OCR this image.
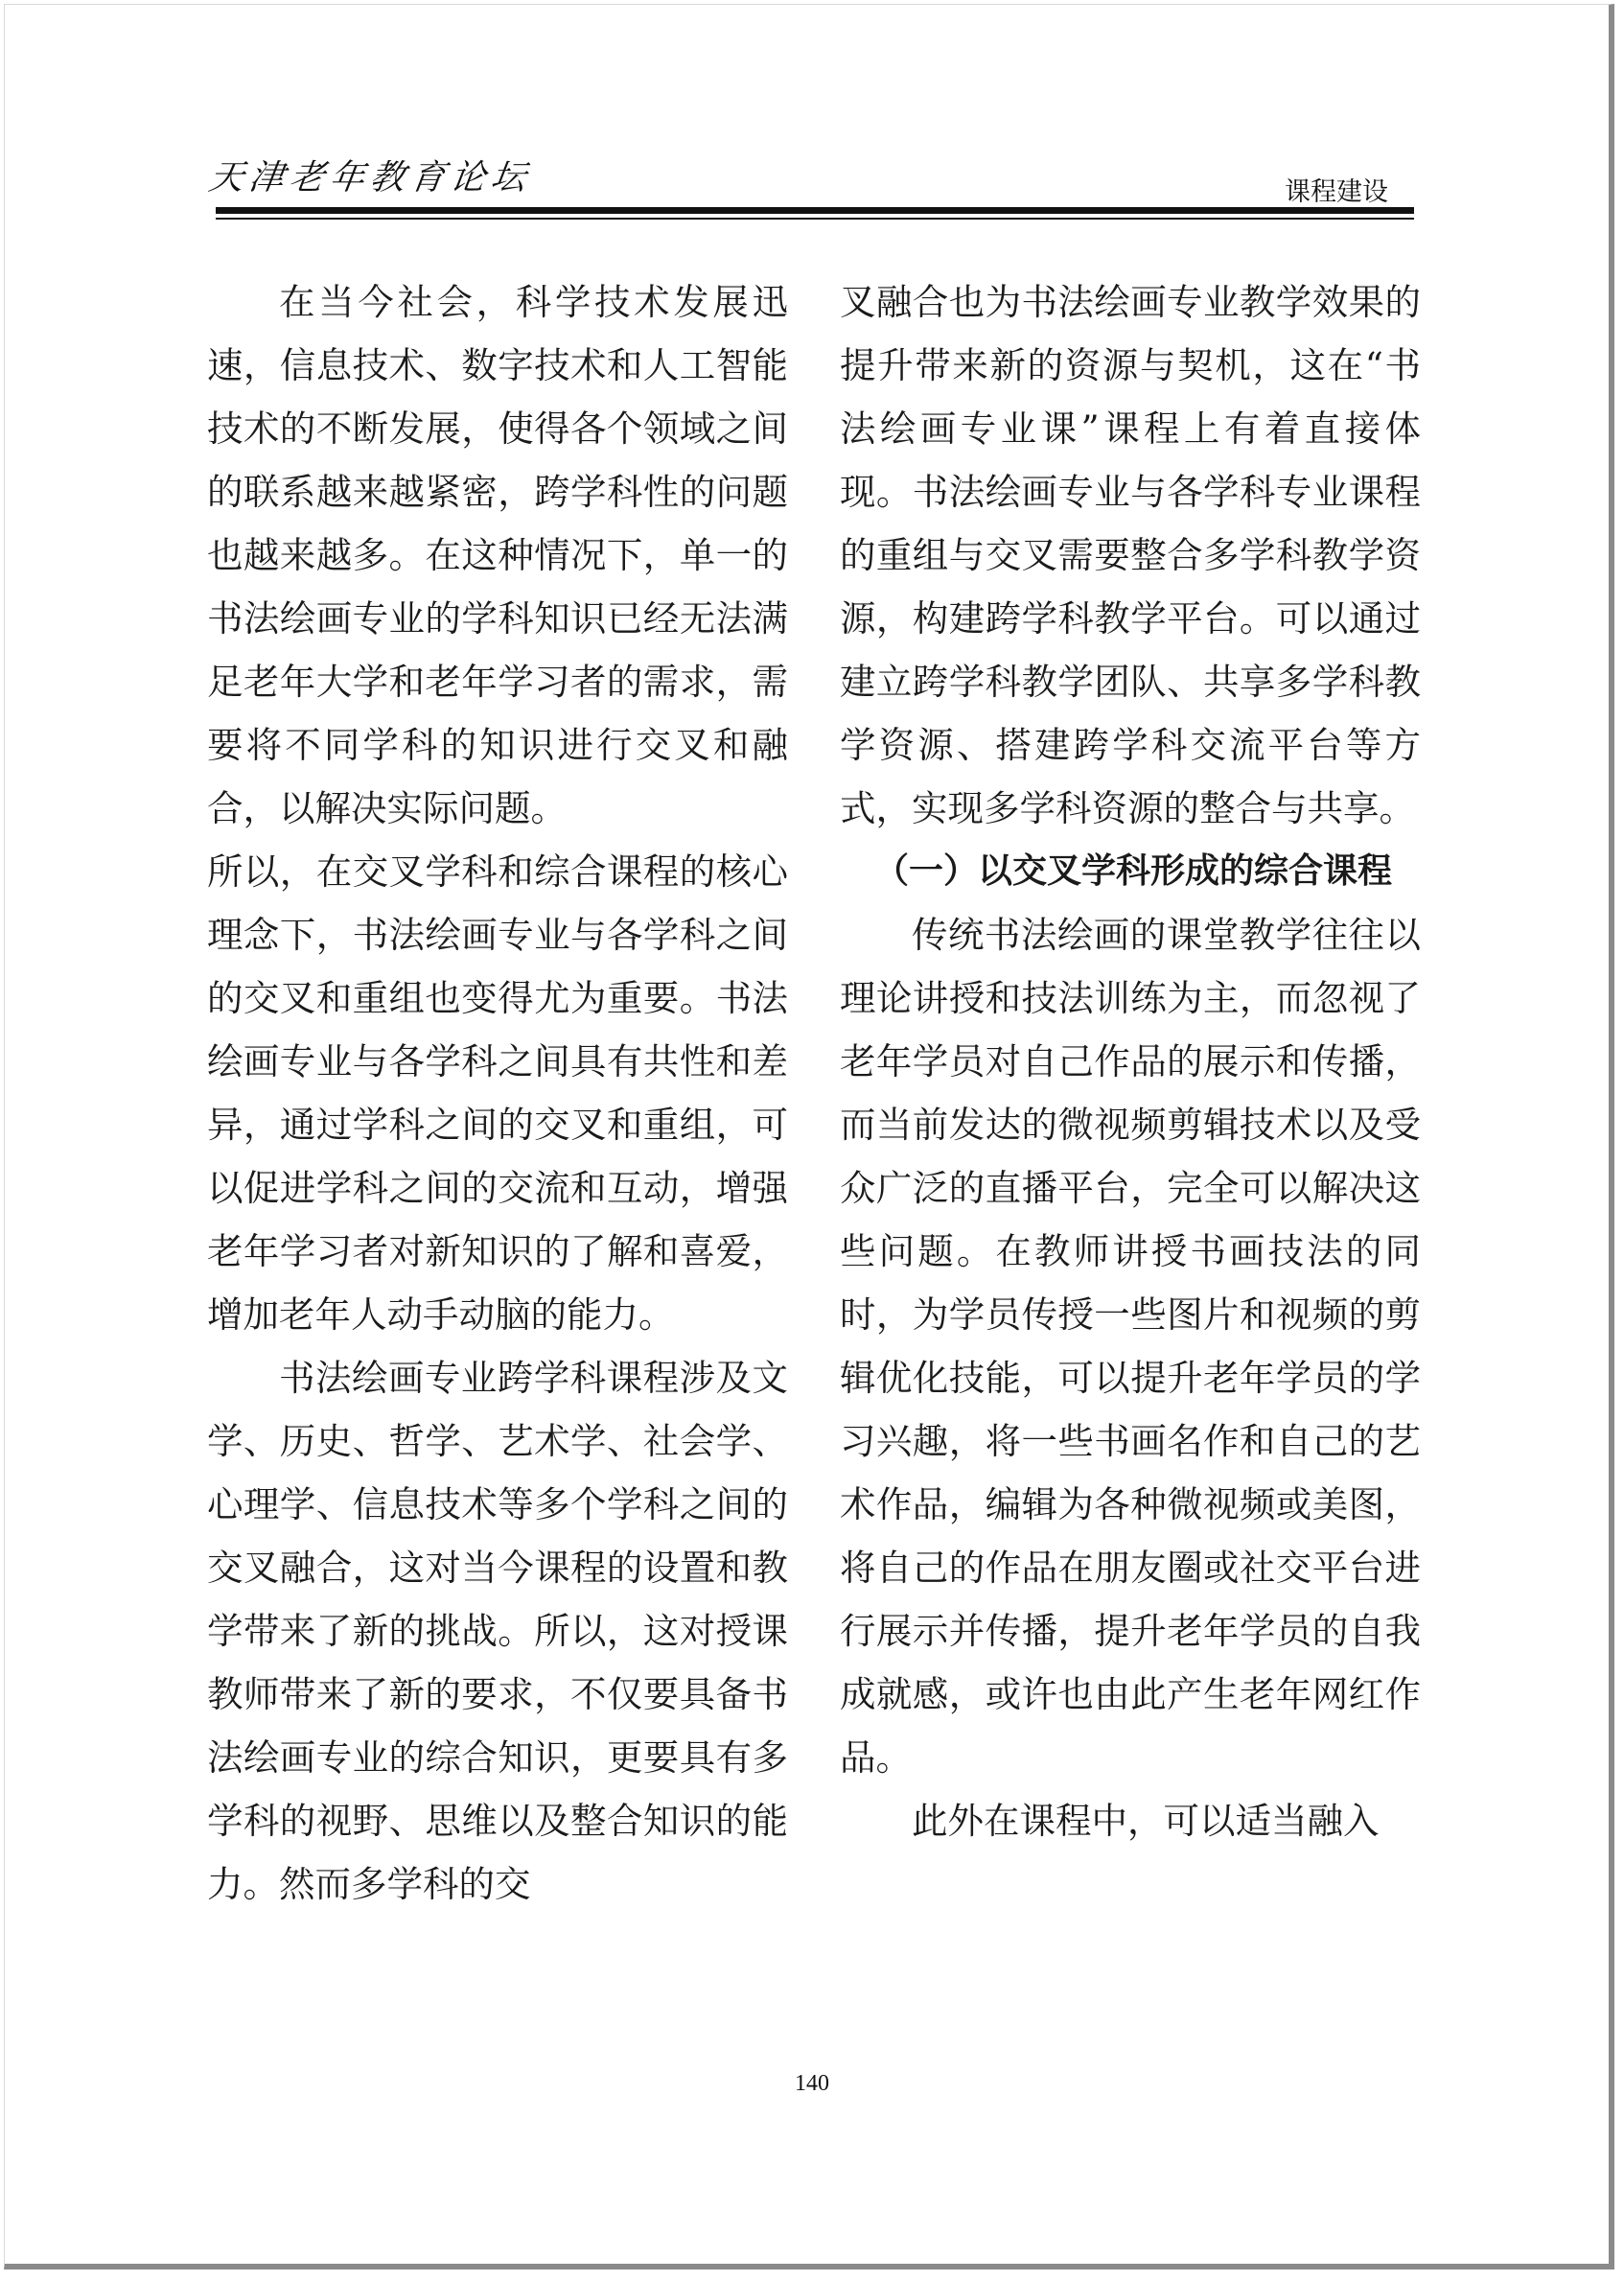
天津老年教育论坛	课程建设

在当今社会，科学技术发展迅速，信息技术、数字技术和人工智能技术的不断发展，使得各个领域之间的联系越来越紧密，跨学科性的问题也越来越多。在这种情况下，单一的书法绘画专业的学科知识已经无法满足老年大学和老年学习者的需求，需要将不同学科的知识进行交叉和融合，以解决实际问题。

所以，在交叉学科和综合课程的核心理念下，书法绘画专业与各学科之间的交叉和重组也变得尤为重要。书法绘画专业与各学科之间具有共性和差异，通过学科之间的交叉和重组，可以促进学科之间的交流和互动，增强老年学习者对新知识的了解和喜爱，增加老年人动手动脑的能力。

书法绘画专业跨学科课程涉及文学、历史、哲学、艺术学、社会学、心理学、信息技术等多个学科之间的交叉融合，这对当今课程的设置和教学带来了新的挑战。所以，这对授课教师带来了新的要求，不仅要具备书法绘画专业的综合知识，更要具有多学科的视野、思维以及整合知识的能力。然而多学科的交

叉融合也为书法绘画专业教学效果的提升带来新的资源与契机，这在“书法绘画专业课”课程上有着直接体现。书法绘画专业与各学科专业课程的重组与交叉需要整合多学科教学资源，构建跨学科教学平台。可以通过建立跨学科教学团队、共享多学科教学资源、搭建跨学科交流平台等方式，实现多学科资源的整合与共享。

（一）以交叉学科形成的综合课程

传统书法绘画的课堂教学往往以理论讲授和技法训练为主，而忽视了老年学员对自己作品的展示和传播，而当前发达的微视频剪辑技术以及受众广泛的直播平台，完全可以解决这些问题。在教师讲授书画技法的同时，为学员传授一些图片和视频的剪辑优化技能，可以提升老年学员的学习兴趣，将一些书画名作和自己的艺术作品，编辑为各种微视频或美图，将自己的作品在朋友圈或社交平台进行展示并传播，提升老年学员的自我成就感，或许也由此产生老年网红作品。

此外在课程中，可以适当融入

140
